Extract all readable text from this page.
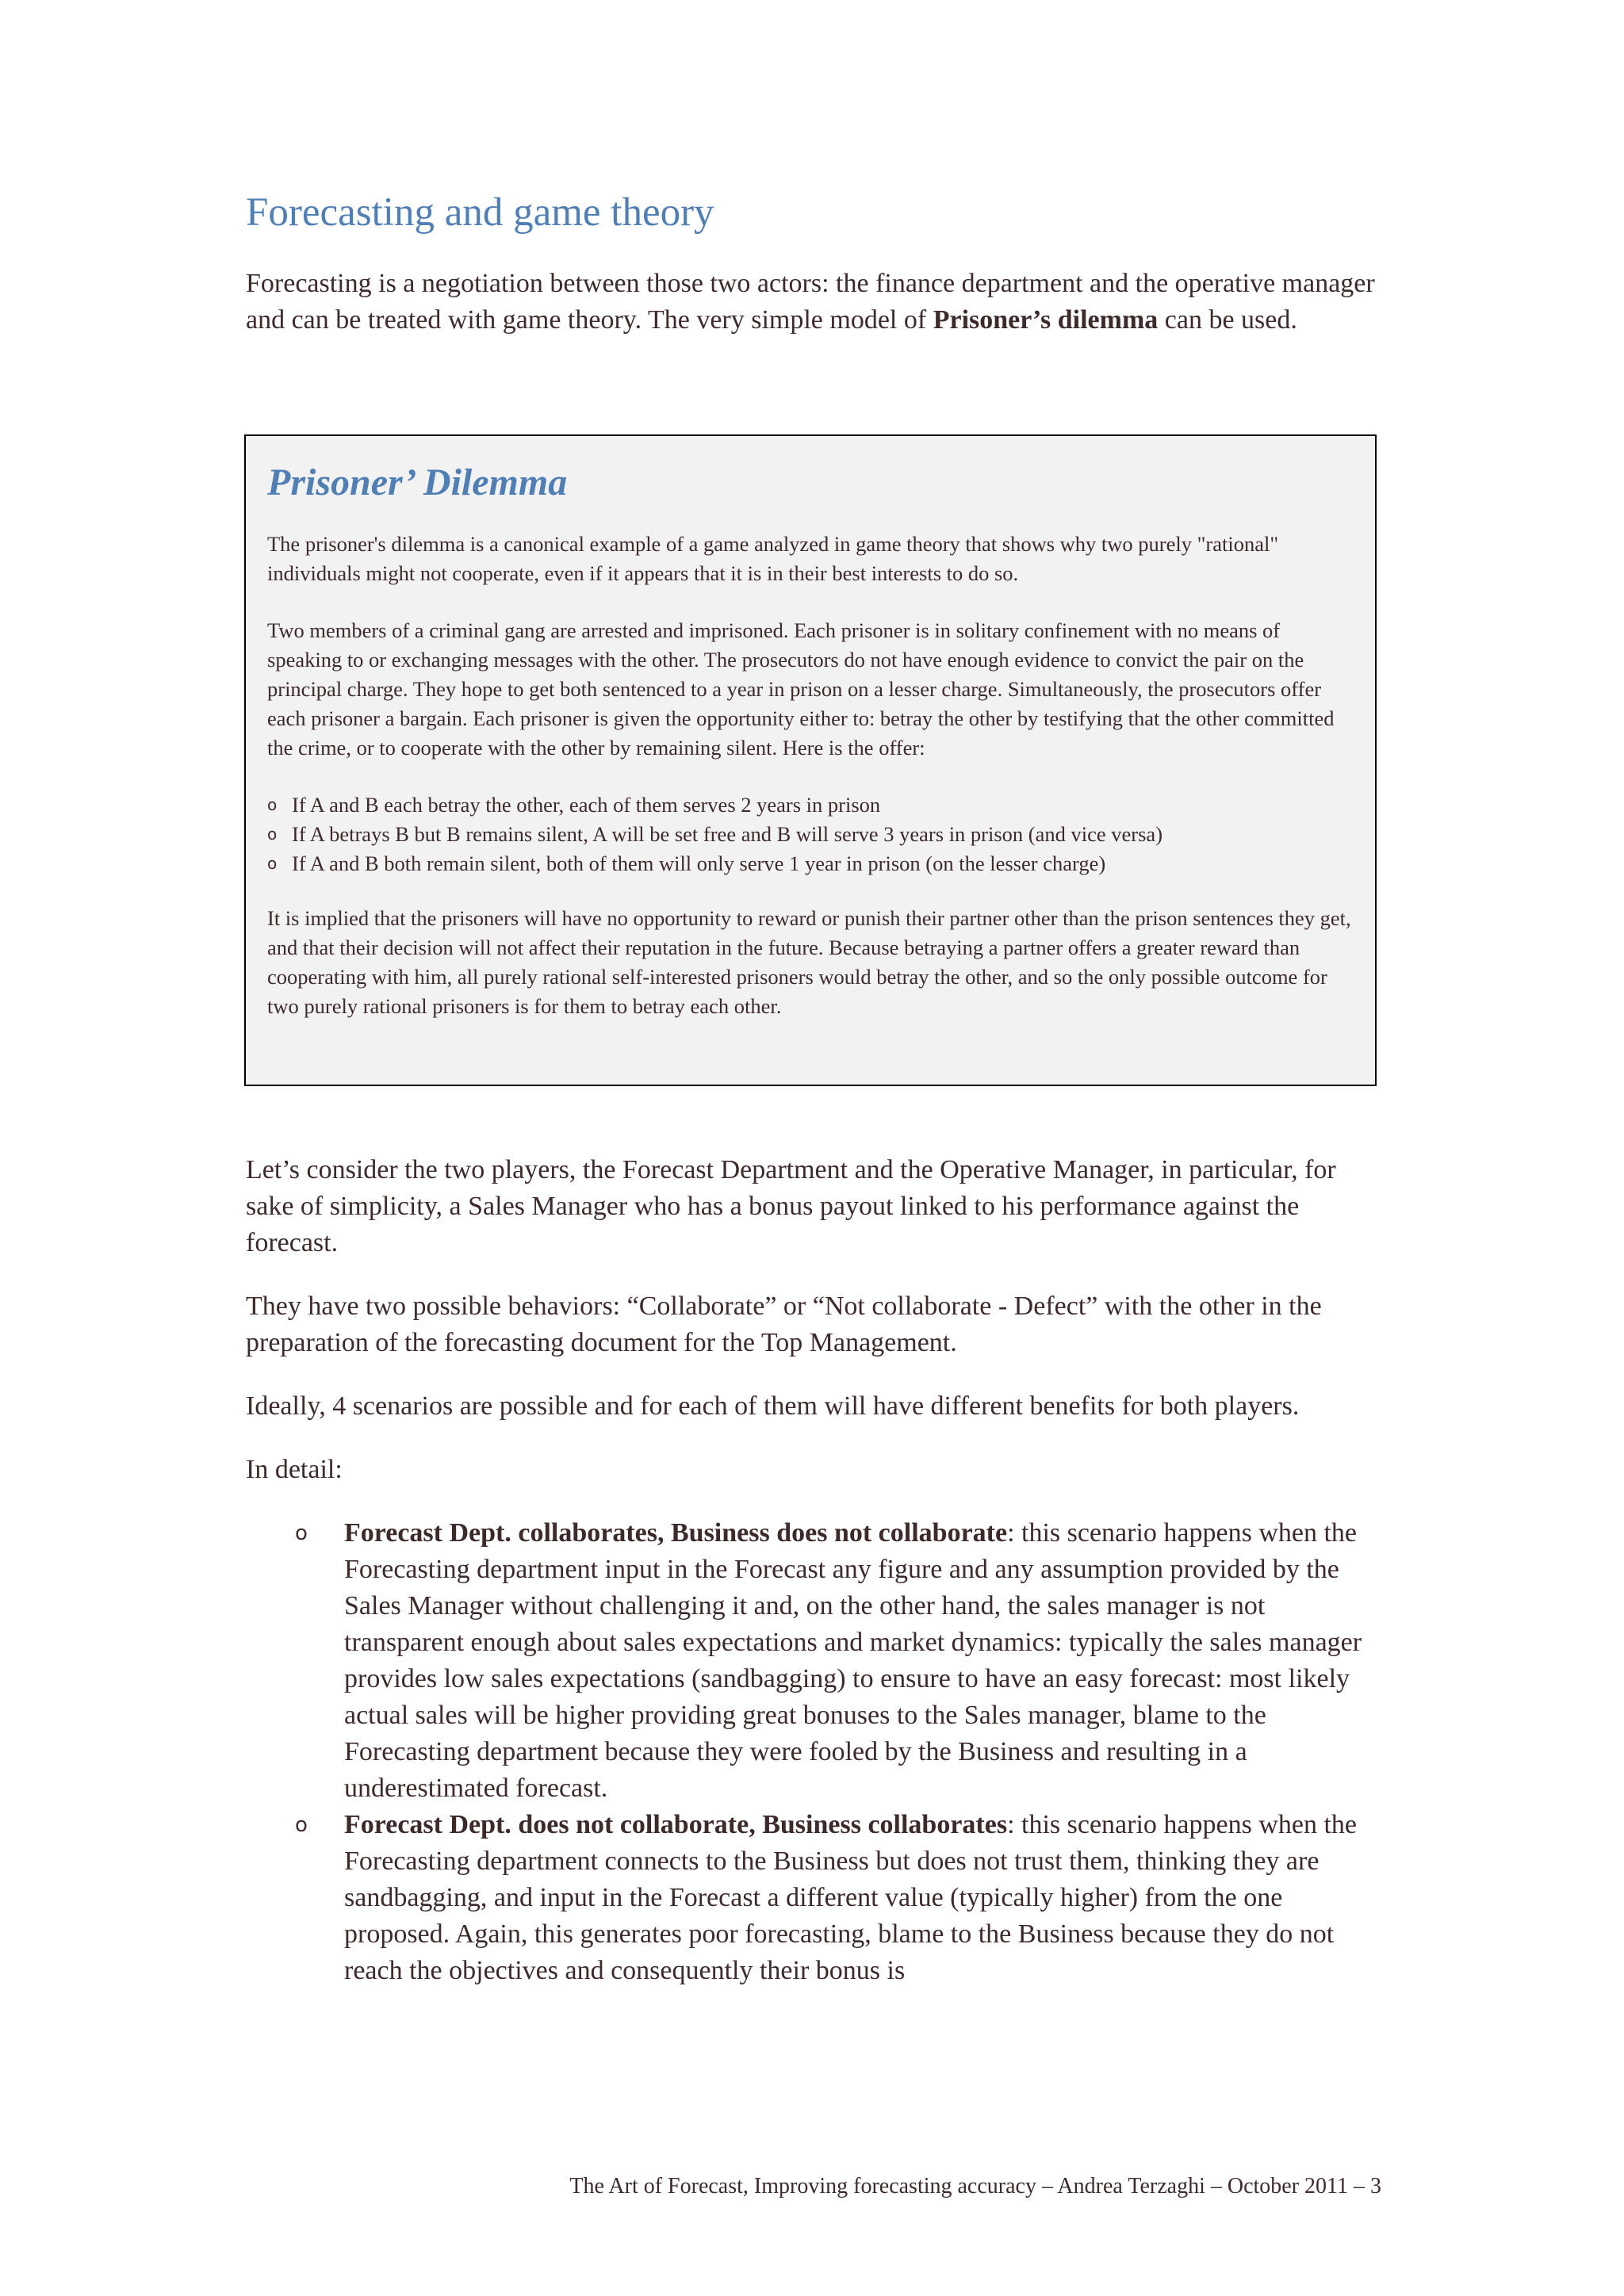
Forecasting and game theory

Forecasting is a negotiation between those two actors: the finance department and the operative manager and can be treated with game theory. The very simple model of Prisoner’s dilemma can be used.

Prisoner’ Dilemma

The prisoner's dilemma is a canonical example of a game analyzed in game theory that shows why two purely "rational" individuals might not cooperate, even if it appears that it is in their best interests to do so.

Two members of a criminal gang are arrested and imprisoned. Each prisoner is in solitary confinement with no means of speaking to or exchanging messages with the other. The prosecutors do not have enough evidence to convict the pair on the principal charge. They hope to get both sentenced to a year in prison on a lesser charge. Simultaneously, the prosecutors offer each prisoner a bargain. Each prisoner is given the opportunity either to: betray the other by testifying that the other committed the crime, or to cooperate with the other by remaining silent. Here is the offer:

o If A and B each betray the other, each of them serves 2 years in prison
o If A betrays B but B remains silent, A will be set free and B will serve 3 years in prison (and vice versa)
o If A and B both remain silent, both of them will only serve 1 year in prison (on the lesser charge)

It is implied that the prisoners will have no opportunity to reward or punish their partner other than the prison sentences they get, and that their decision will not affect their reputation in the future. Because betraying a partner offers a greater reward than cooperating with him, all purely rational self-interested prisoners would betray the other, and so the only possible outcome for two purely rational prisoners is for them to betray each other.

Let’s consider the two players, the Forecast Department and the Operative Manager, in particular, for sake of simplicity, a Sales Manager who has a bonus payout linked to his performance against the forecast.

They have two possible behaviors: “Collaborate” or “Not collaborate - Defect” with the other in the preparation of the forecasting document for the Top Management.

Ideally, 4 scenarios are possible and for each of them will have different benefits for both players.

In detail:

o Forecast Dept. collaborates, Business does not collaborate: this scenario happens when the Forecasting department input in the Forecast any figure and any assumption provided by the Sales Manager without challenging it and, on the other hand, the sales manager is not transparent enough about sales expectations and market dynamics: typically the sales manager provides low sales expectations (sandbagging) to ensure to have an easy forecast: most likely actual sales will be higher providing great bonuses to the Sales manager, blame to the Forecasting department because they were fooled by the Business and resulting in a underestimated forecast.
o Forecast Dept. does not collaborate, Business collaborates: this scenario happens when the Forecasting department connects to the Business but does not trust them, thinking they are sandbagging, and input in the Forecast a different value (typically higher) from the one proposed. Again, this generates poor forecasting, blame to the Business because they do not reach the objectives and consequently their bonus is
The Art of Forecast, Improving forecasting accuracy – Andrea Terzaghi – October 2011 – 3
